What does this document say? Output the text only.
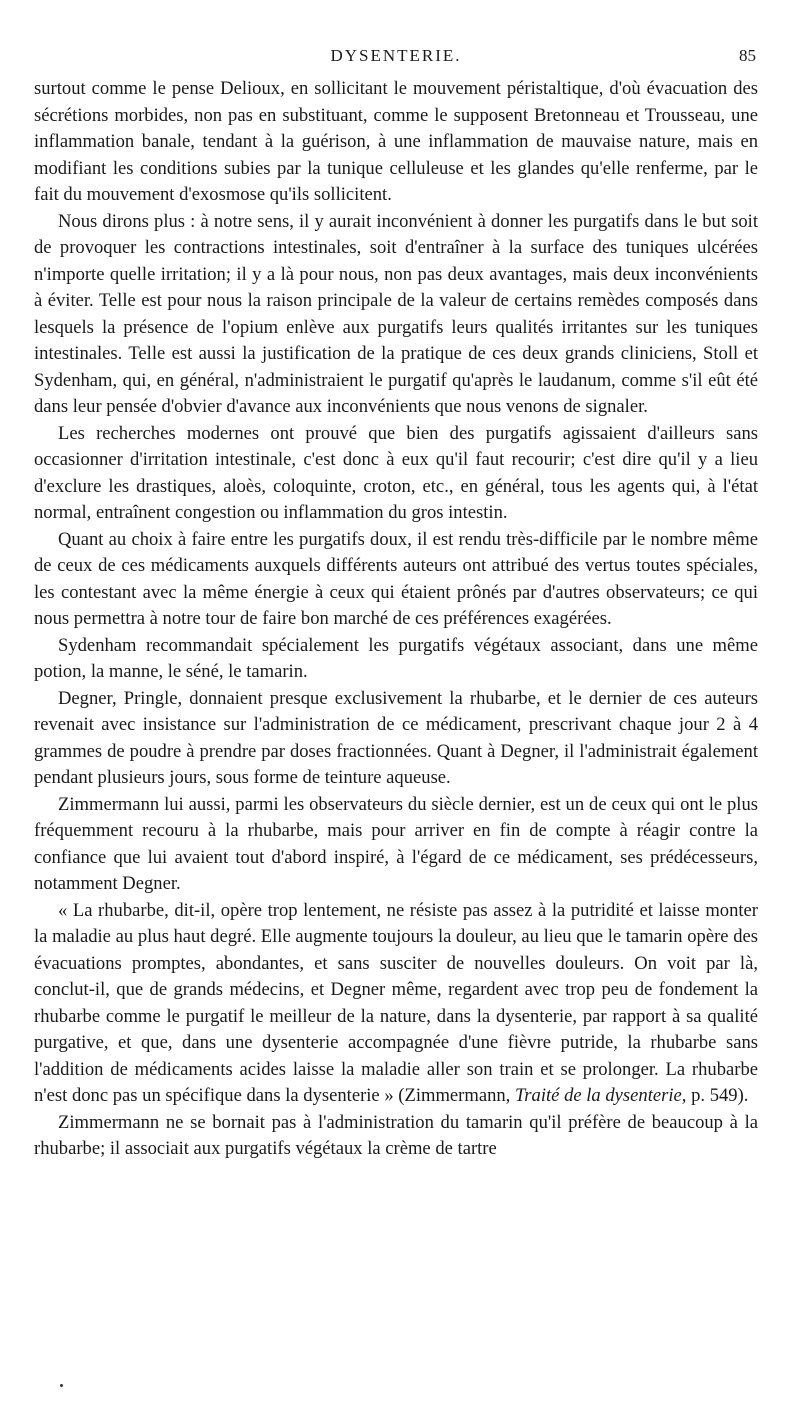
DYSENTERIE.	85

surtout comme le pense Delioux, en sollicitant le mouvement péristaltique, d'où évacuation des sécrétions morbides, non pas en substituant, comme le supposent Bretonneau et Trousseau, une inflammation banale, tendant à la guérison, à une inflammation de mauvaise nature, mais en modifiant les conditions subies par la tunique celluleuse et les glandes qu'elle renferme, par le fait du mouvement d'exosmose qu'ils sollicitent.

Nous dirons plus : à notre sens, il y aurait inconvénient à donner les purgatifs dans le but soit de provoquer les contractions intestinales, soit d'entraîner à la surface des tuniques ulcérées n'importe quelle irritation; il y a là pour nous, non pas deux avantages, mais deux inconvénients à éviter. Telle est pour nous la raison principale de la valeur de certains remèdes composés dans lesquels la présence de l'opium enlève aux purgatifs leurs qualités irritantes sur les tuniques intestinales. Telle est aussi la justification de la pratique de ces deux grands cliniciens, Stoll et Sydenham, qui, en général, n'administraient le purgatif qu'après le laudanum, comme s'il eût été dans leur pensée d'obvier d'avance aux inconvénients que nous venons de signaler.

Les recherches modernes ont prouvé que bien des purgatifs agissaient d'ailleurs sans occasionner d'irritation intestinale, c'est donc à eux qu'il faut recourir; c'est dire qu'il y a lieu d'exclure les drastiques, aloès, coloquinte, croton, etc., en général, tous les agents qui, à l'état normal, entraînent congestion ou inflammation du gros intestin.

Quant au choix à faire entre les purgatifs doux, il est rendu très-difficile par le nombre même de ceux de ces médicaments auxquels différents auteurs ont attribué des vertus toutes spéciales, les contestant avec la même énergie à ceux qui étaient prônés par d'autres observateurs; ce qui nous permettra à notre tour de faire bon marché de ces préférences exagérées.

Sydenham recommandait spécialement les purgatifs végétaux associant, dans une même potion, la manne, le séné, le tamarin.

Degner, Pringle, donnaient presque exclusivement la rhubarbe, et le dernier de ces auteurs revenait avec insistance sur l'administration de ce médicament, prescrivant chaque jour 2 à 4 grammes de poudre à prendre par doses fractionnées. Quant à Degner, il l'administrait également pendant plusieurs jours, sous forme de teinture aqueuse.

Zimmermann lui aussi, parmi les observateurs du siècle dernier, est un de ceux qui ont le plus fréquemment recouru à la rhubarbe, mais pour arriver en fin de compte à réagir contre la confiance que lui avaient tout d'abord inspiré, à l'égard de ce médicament, ses prédécesseurs, notamment Degner.

« La rhubarbe, dit-il, opère trop lentement, ne résiste pas assez à la putridité et laisse monter la maladie au plus haut degré. Elle augmente toujours la douleur, au lieu que le tamarin opère des évacuations promptes, abondantes, et sans susciter de nouvelles douleurs. On voit par là, conclut-il, que de grands médecins, et Degner même, regardent avec trop peu de fondement la rhubarbe comme le purgatif le meilleur de la nature, dans la dysenterie, par rapport à sa qualité purgative, et que, dans une dysenterie accompagnée d'une fièvre putride, la rhubarbe sans l'addition de médicaments acides laisse la maladie aller son train et se prolonger. La rhubarbe n'est donc pas un spécifique dans la dysenterie » (Zimmermann, Traité de la dysenterie, p. 549).

Zimmermann ne se bornait pas à l'administration du tamarin qu'il préfère de beaucoup à la rhubarbe; il associait aux purgatifs végétaux la crème de tartre
